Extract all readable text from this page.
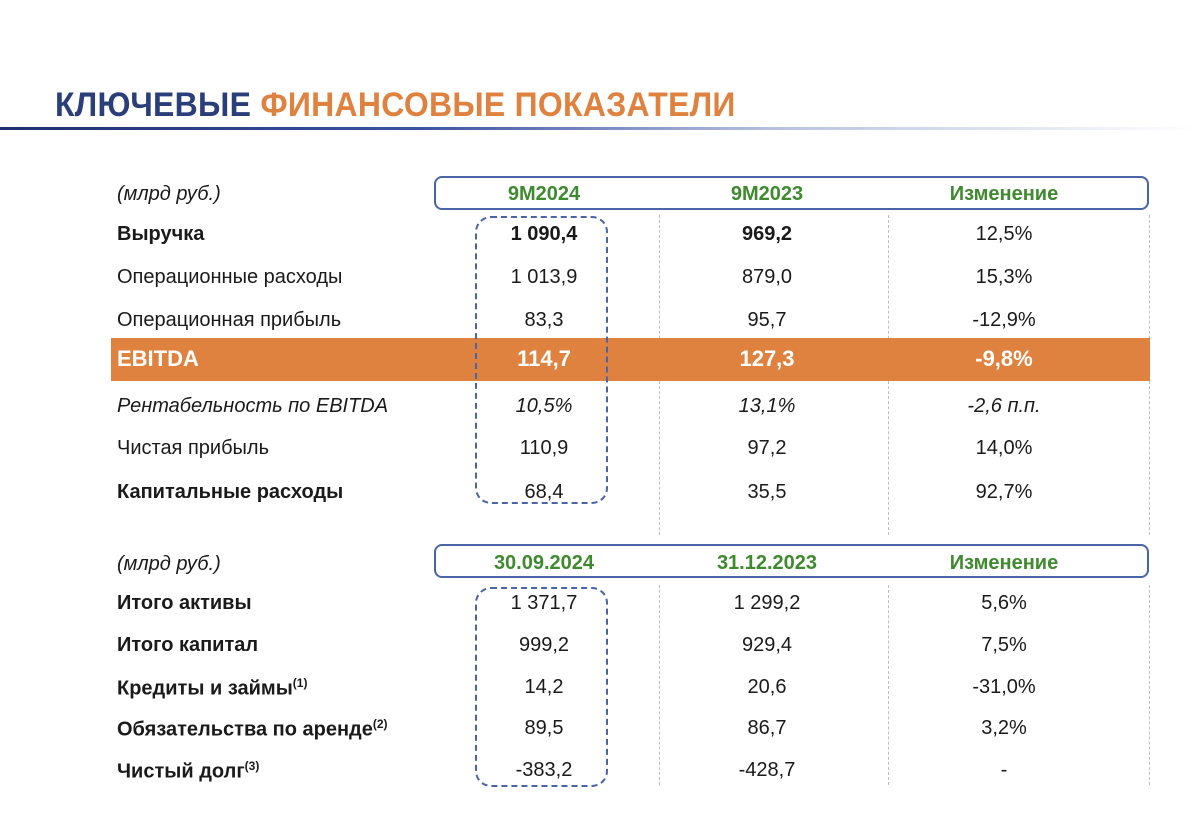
КЛЮЧЕВЫЕ ФИНАНСОВЫЕ ПОКАЗАТЕЛИ
(млрд руб.)	9М2024	9М2023	Изменение
Выручка	1 090,4	969,2	12,5%
Операционные расходы	1 013,9	879,0	15,3%
Операционная прибыль	83,3	95,7	-12,9%
EBITDA	114,7	127,3	-9,8%
Рентабельность по EBITDA	10,5%	13,1%	-2,6 п.п.
Чистая прибыль	110,9	97,2	14,0%
Капитальные расходы	68,4	35,5	92,7%
(млрд руб.)	30.09.2024	31.12.2023	Изменение
Итого активы	1 371,7	1 299,2	5,6%
Итого капитал	999,2	929,4	7,5%
Кредиты и займы$^{(1)}$	14,2	20,6	-31,0%
Обязательства по аренде$^{(2)}$	89,5	86,7	3,2%
Чистый долг$^{(3)}$	-383,2	-428,7	-
